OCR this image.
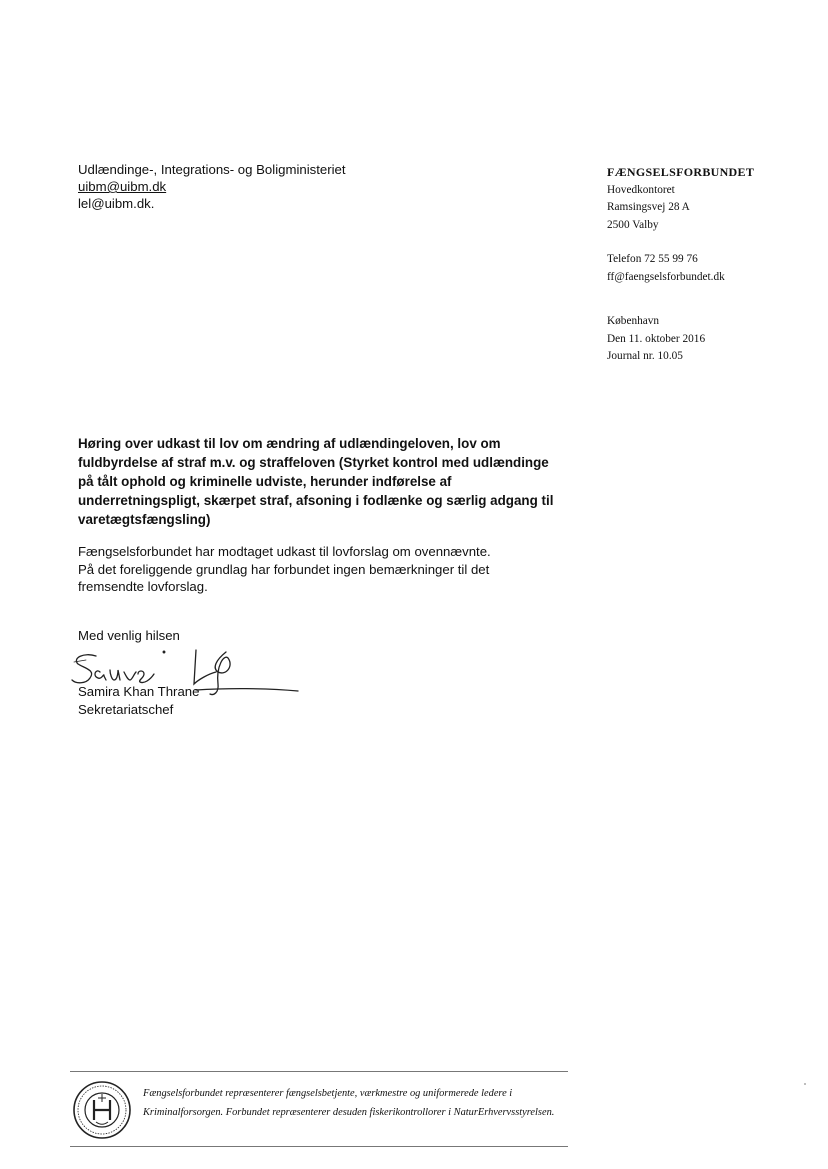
Udlændinge-, Integrations- og Boligministeriet
uibm@uibm.dk
lel@uibm.dk.
FÆNGSELSFORBUNDET
Hovedkontoret
Ramsingsvej 28 A
2500 Valby
Telefon 72 55 99 76
ff@faengselsforbundet.dk
København
Den 11. oktober 2016
Journal nr. 10.05
Høring over udkast til lov om ændring af udlændingeloven, lov om fuldbyrdelse af straf m.v. og straffeloven (Styrket kontrol med udlændinge på tålt ophold og kriminelle udviste, herunder indførelse af underretningspligt, skærpet straf, afsoning i fodlænke og særlig adgang til varetægtsfængsling)
Fængselsforbundet har modtaget udkast til lovforslag om ovennævnte.
På det foreliggende grundlag har forbundet ingen bemærkninger til det fremsendte lovforslag.
Med venlig hilsen
Samira Khan Thrane
Sekretariatschef
Fængselsforbundet repræsenterer fængselsbetjente, værkmestre og uniformerede ledere i Kriminalforsorgen. Forbundet repræsenterer desuden fiskerikontrollorer i NaturErhvervsstyrelsen.
